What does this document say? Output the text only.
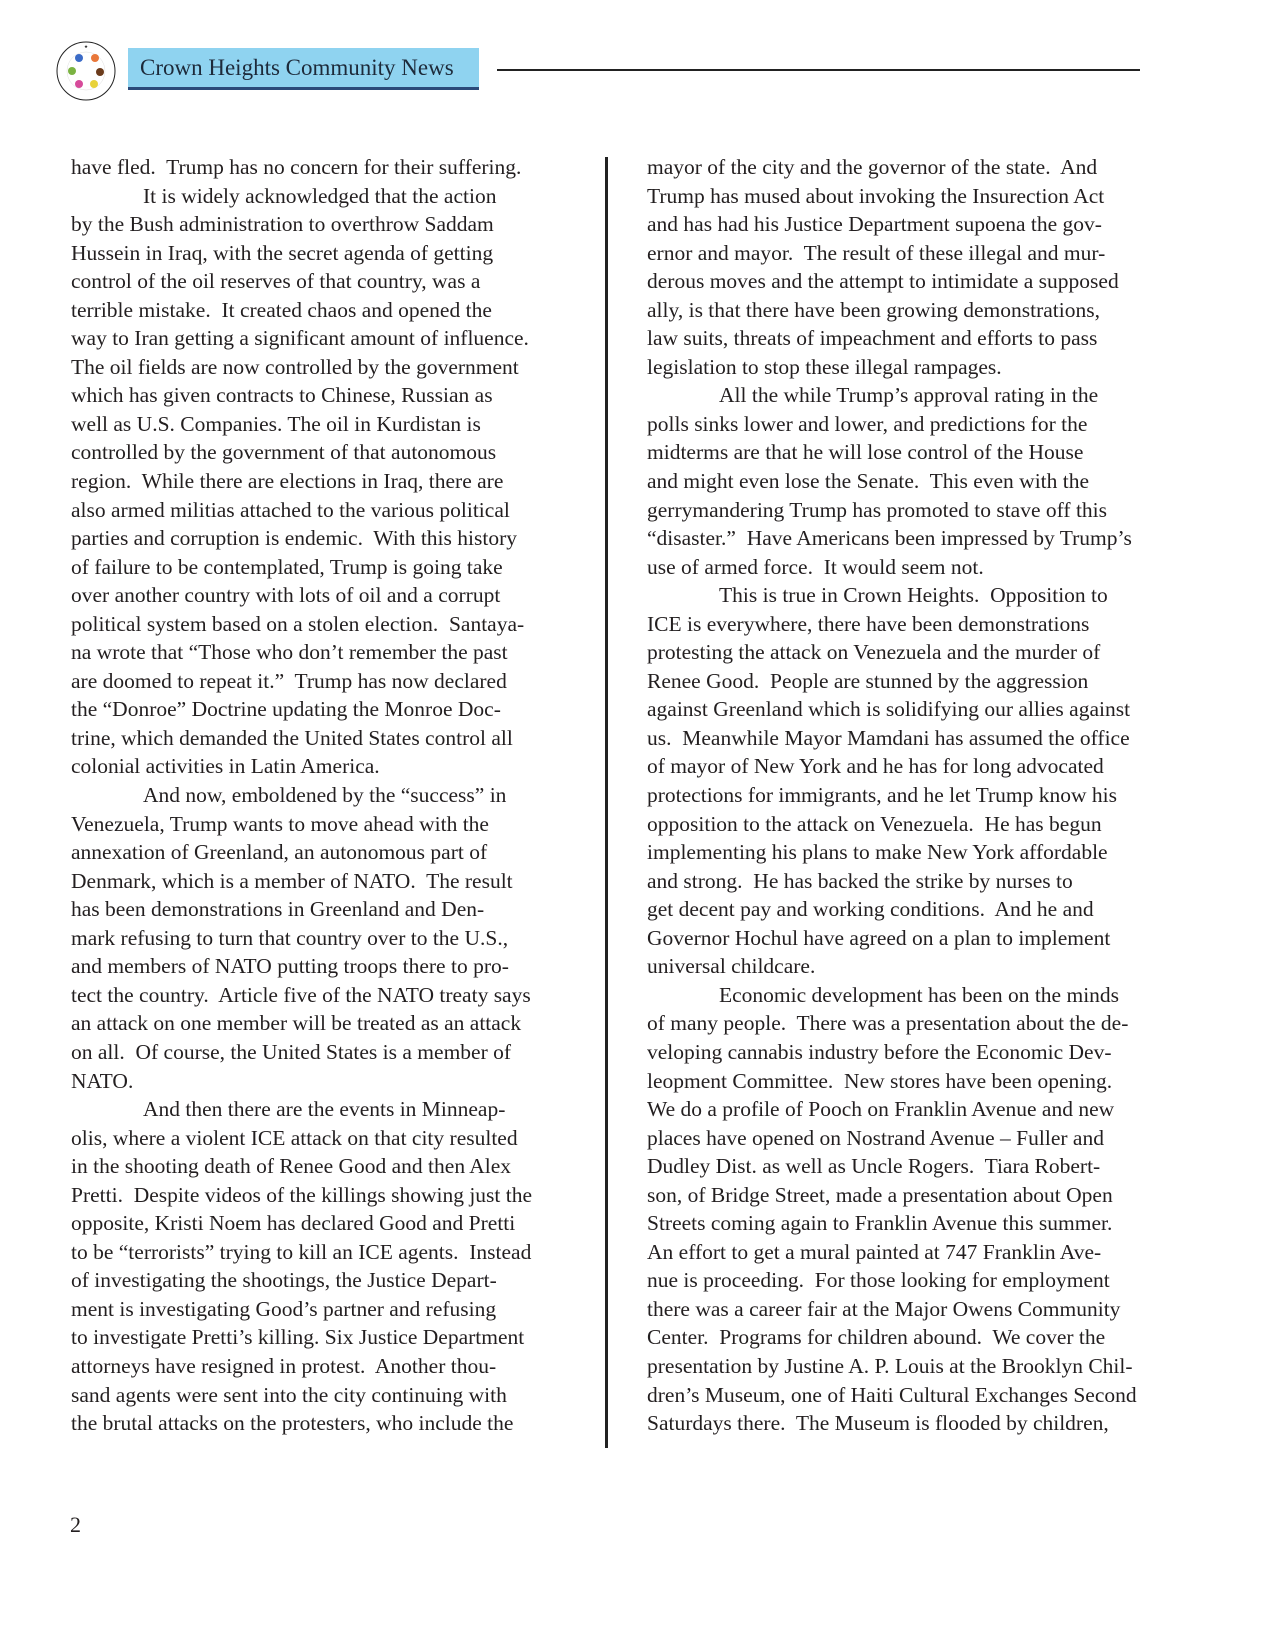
★
Crown Heights Community News
have fled.  Trump has no concern for their suffering.
It is widely acknowledged that the action
by the Bush administration to overthrow Saddam
Hussein in Iraq, with the secret agenda of getting
control of the oil reserves of that country, was a
terrible mistake.  It created chaos and opened the
way to Iran getting a significant amount of influence.
The oil fields are now controlled by the government
which has given contracts to Chinese, Russian as
well as U.S. Companies. The oil in Kurdistan is
controlled by the government of that autonomous
region.  While there are elections in Iraq, there are
also armed militias attached to the various political
parties and corruption is endemic.  With this history
of failure to be contemplated, Trump is going take
over another country with lots of oil and a corrupt
political system based on a stolen election.  Santaya-
na wrote that “Those who don’t remember the past
are doomed to repeat it.”  Trump has now declared
the “Donroe” Doctrine updating the Monroe Doc-
trine, which demanded the United States control all
colonial activities in Latin America.
And now, emboldened by the “success” in
Venezuela, Trump wants to move ahead with the
annexation of Greenland, an autonomous part of
Denmark, which is a member of NATO.  The result
has been demonstrations in Greenland and Den-
mark refusing to turn that country over to the U.S.,
and members of NATO putting troops there to pro-
tect the country.  Article five of the NATO treaty says
an attack on one member will be treated as an attack
on all.  Of course, the United States is a member of
NATO.
And then there are the events in Minneap-
olis, where a violent ICE attack on that city resulted
in the shooting death of Renee Good and then Alex
Pretti.  Despite videos of the killings showing just the
opposite, Kristi Noem has declared Good and Pretti
to be “terrorists” trying to kill an ICE agents.  Instead
of investigating the shootings, the Justice Depart-
ment is investigating Good’s partner and refusing
to investigate Pretti’s killing. Six Justice Department
attorneys have resigned in protest.  Another thou-
sand agents were sent into the city continuing with
the brutal attacks on the protesters, who include the
mayor of the city and the governor of the state.  And
Trump has mused about invoking the Insurection Act
and has had his Justice Department supoena the gov-
ernor and mayor.  The result of these illegal and mur-
derous moves and the attempt to intimidate a supposed
ally, is that there have been growing demonstrations,
law suits, threats of impeachment and efforts to pass
legislation to stop these illegal rampages.
All the while Trump’s approval rating in the
polls sinks lower and lower, and predictions for the
midterms are that he will lose control of the House
and might even lose the Senate.  This even with the
gerrymandering Trump has promoted to stave off this
“disaster.”  Have Americans been impressed by Trump’s
use of armed force.  It would seem not.
This is true in Crown Heights.  Opposition to
ICE is everywhere, there have been demonstrations
protesting the attack on Venezuela and the murder of
Renee Good.  People are stunned by the aggression
against Greenland which is solidifying our allies against
us.  Meanwhile Mayor Mamdani has assumed the office
of mayor of New York and he has for long advocated
protections for immigrants, and he let Trump know his
opposition to the attack on Venezuela.  He has begun
implementing his plans to make New York affordable
and strong.  He has backed the strike by nurses to
get decent pay and working conditions.  And he and
Governor Hochul have agreed on a plan to implement
universal childcare.
Economic development has been on the minds
of many people.  There was a presentation about the de-
veloping cannabis industry before the Economic Dev-
leopment Committee.  New stores have been opening.
We do a profile of Pooch on Franklin Avenue and new
places have opened on Nostrand Avenue – Fuller and
Dudley Dist. as well as Uncle Rogers.  Tiara Robert-
son, of Bridge Street, made a presentation about Open
Streets coming again to Franklin Avenue this summer.
An effort to get a mural painted at 747 Franklin Ave-
nue is proceeding.  For those looking for employment
there was a career fair at the Major Owens Community
Center.  Programs for children abound.  We cover the
presentation by Justine A. P. Louis at the Brooklyn Chil-
dren’s Museum, one of Haiti Cultural Exchanges Second
Saturdays there.  The Museum is flooded by children,
2
